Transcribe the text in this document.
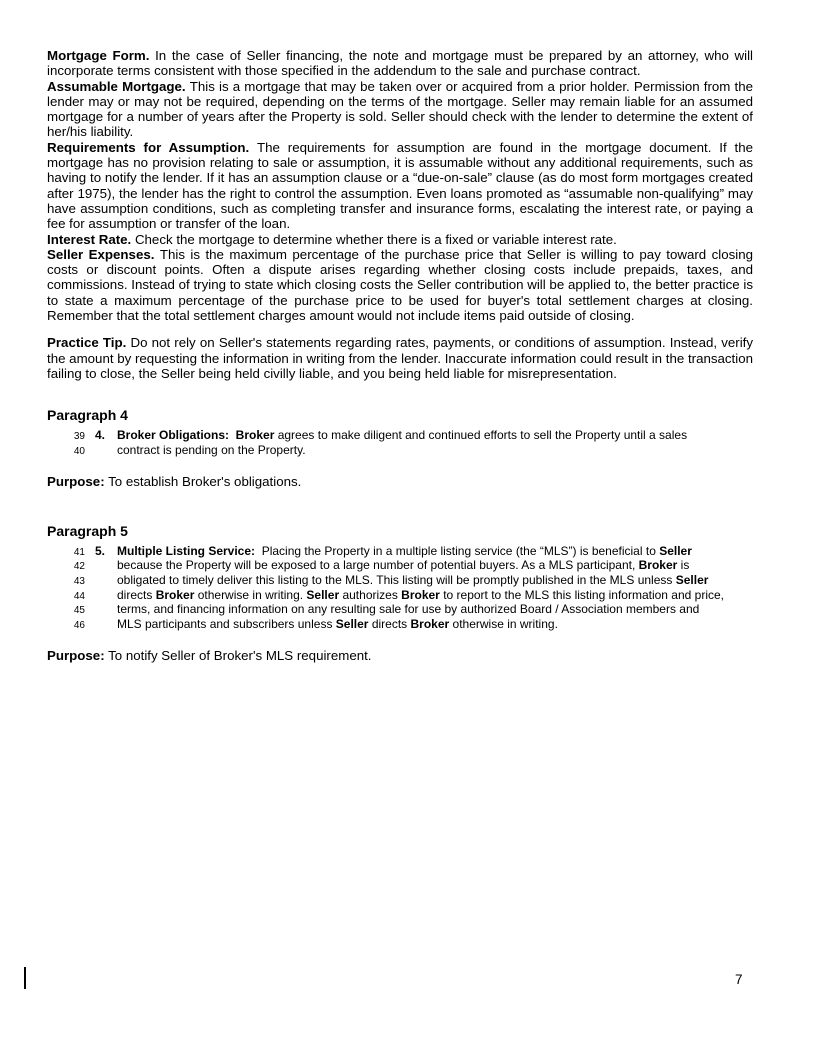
Mortgage Form. In the case of Seller financing, the note and mortgage must be prepared by an attorney, who will incorporate terms consistent with those specified in the addendum to the sale and purchase contract.

Assumable Mortgage. This is a mortgage that may be taken over or acquired from a prior holder. Permission from the lender may or may not be required, depending on the terms of the mortgage. Seller may remain liable for an assumed mortgage for a number of years after the Property is sold. Seller should check with the lender to determine the extent of her/his liability.

Requirements for Assumption. The requirements for assumption are found in the mortgage document. If the mortgage has no provision relating to sale or assumption, it is assumable without any additional requirements, such as having to notify the lender. If it has an assumption clause or a “due-on-sale” clause (as do most form mortgages created after 1975), the lender has the right to control the assumption. Even loans promoted as “assumable non-qualifying” may have assumption conditions, such as completing transfer and insurance forms, escalating the interest rate, or paying a fee for assumption or transfer of the loan.

Interest Rate. Check the mortgage to determine whether there is a fixed or variable interest rate.

Seller Expenses. This is the maximum percentage of the purchase price that Seller is willing to pay toward closing costs or discount points. Often a dispute arises regarding whether closing costs include prepaids, taxes, and commissions. Instead of trying to state which closing costs the Seller contribution will be applied to, the better practice is to state a maximum percentage of the purchase price to be used for buyer's total settlement charges at closing. Remember that the total settlement charges amount would not include items paid outside of closing.

Practice Tip. Do not rely on Seller's statements regarding rates, payments, or conditions of assumption. Instead, verify the amount by requesting the information in writing from the lender. Inaccurate information could result in the transaction failing to close, the Seller being held civilly liable, and you being held liable for misrepresentation.

Paragraph 4
39 4. Broker Obligations:  Broker agrees to make diligent and continued efforts to sell the Property until a sales
40	contract is pending on the Property.

Purpose: To establish Broker's obligations.

Paragraph 5
41 5. Multiple Listing Service:  Placing the Property in a multiple listing service (the “MLS”) is beneficial to Seller
42	because the Property will be exposed to a large number of potential buyers. As a MLS participant, Broker is
43	obligated to timely deliver this listing to the MLS. This listing will be promptly published in the MLS unless Seller
44	directs Broker otherwise in writing. Seller authorizes Broker to report to the MLS this listing information and price,
45	terms, and financing information on any resulting sale for use by authorized Board / Association members and
46	MLS participants and subscribers unless Seller directs Broker otherwise in writing.

Purpose: To notify Seller of Broker's MLS requirement.

7
